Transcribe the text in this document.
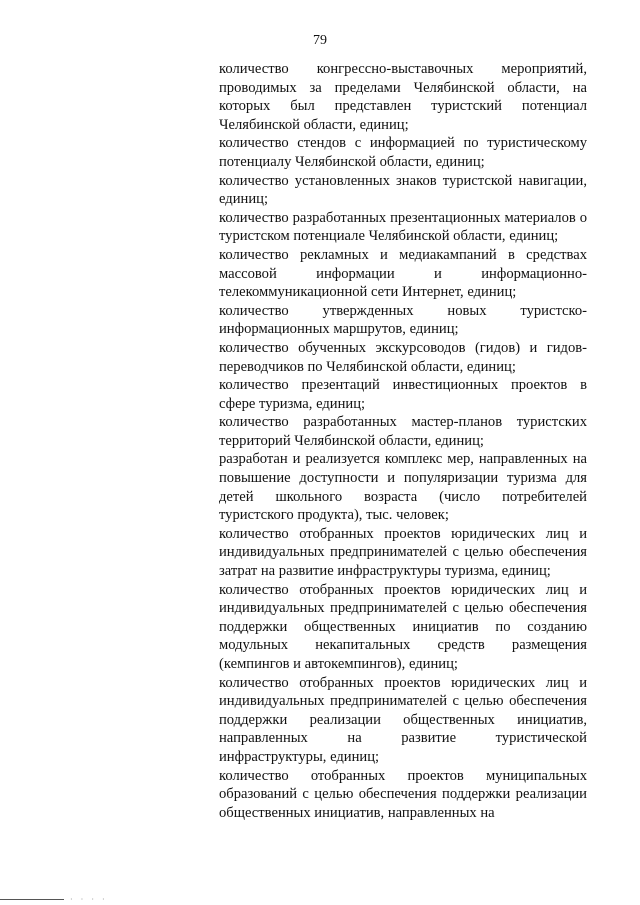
79

количество конгрессно-выставочных мероприятий, проводимых за пределами Челябинской области, на которых был представлен туристский потенциал Челябинской области, единиц;

количество стендов с информацией по туристическому потенциалу Челябинской области, единиц;

количество установленных знаков туристской навигации, единиц;

количество разработанных презентационных материалов о туристском потенциале Челябинской области, единиц;

количество рекламных и медиакампаний в средствах массовой информации и информационно-телекоммуникационной сети Интернет, единиц;

количество утвержденных новых туристско-информационных маршрутов, единиц;

количество обученных экскурсоводов (гидов) и гидов-переводчиков по Челябинской области, единиц;

количество презентаций инвестиционных проектов в сфере туризма, единиц;

количество разработанных мастер-планов туристских территорий Челябинской области, единиц;

разработан и реализуется комплекс мер, направленных на повышение доступности и популяризации туризма для детей школьного возраста (число потребителей туристского продукта), тыс. человек;

количество отобранных проектов юридических лиц и индивидуальных предпринимателей с целью обеспечения затрат на развитие инфраструктуры туризма, единиц;

количество отобранных проектов юридических лиц и индивидуальных предпринимателей с целью обеспечения поддержки общественных инициатив по созданию модульных некапитальных средств размещения (кемпингов и автокемпингов), единиц;

количество отобранных проектов юридических лиц и индивидуальных предпринимателей с целью обеспечения поддержки реализации общественных инициатив, направленных на развитие туристической инфраструктуры, единиц;

количество отобранных проектов муниципальных образований с целью обеспечения поддержки реализации общественных инициатив, направленных на

· · · ·
